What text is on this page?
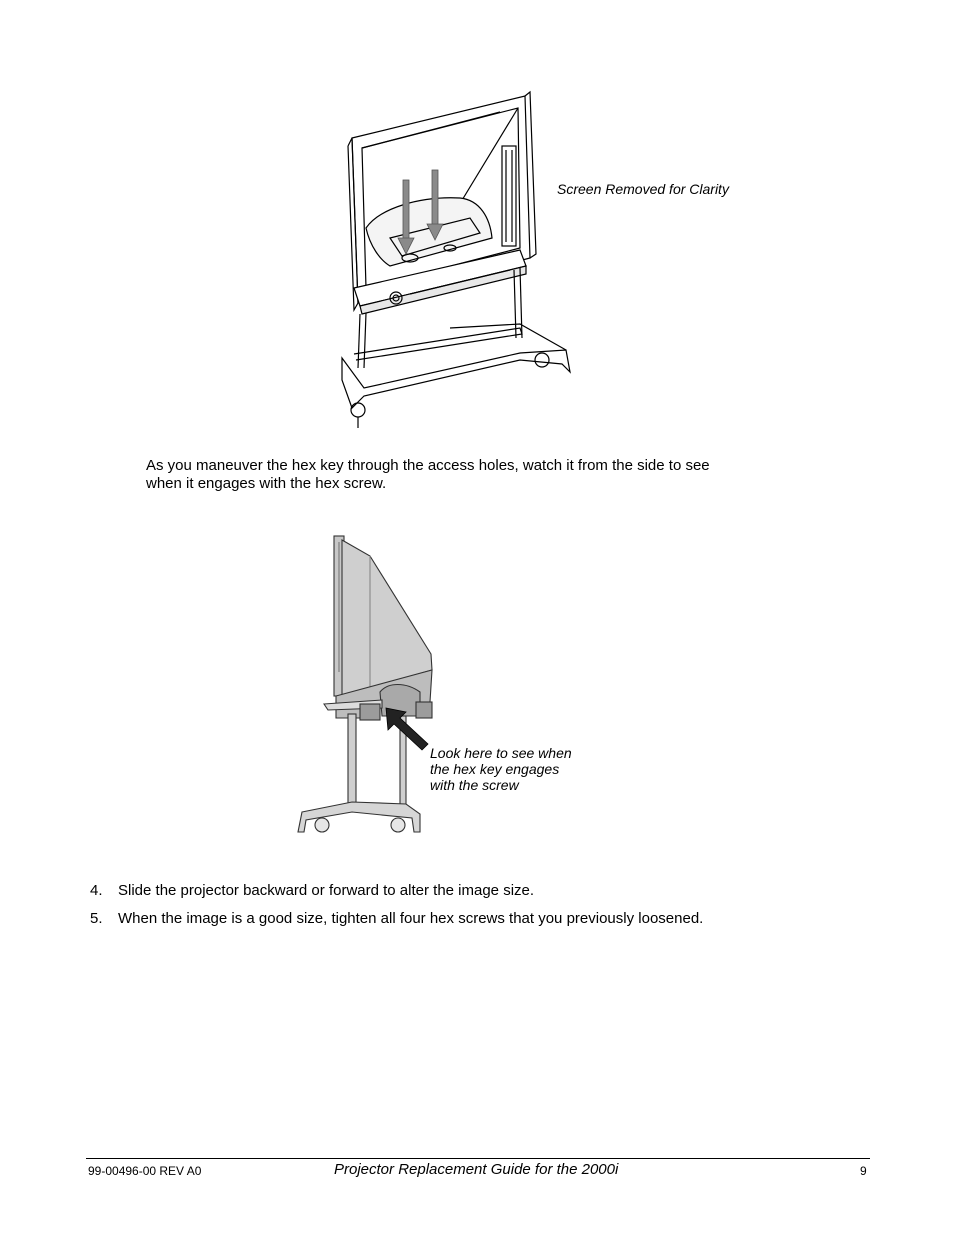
Screen Removed for Clarity
As you maneuver the hex key through the access holes, watch it from the side to see
when it engages with the hex screw.
Look here to see when
the hex key engages
with the screw
4.	Slide the projector backward or forward to alter the image size.
5.	When the image is a good size, tighten all four hex screws that you previously loosened.
99-00496-00 REV A0	Projector Replacement Guide for the 2000i	9
